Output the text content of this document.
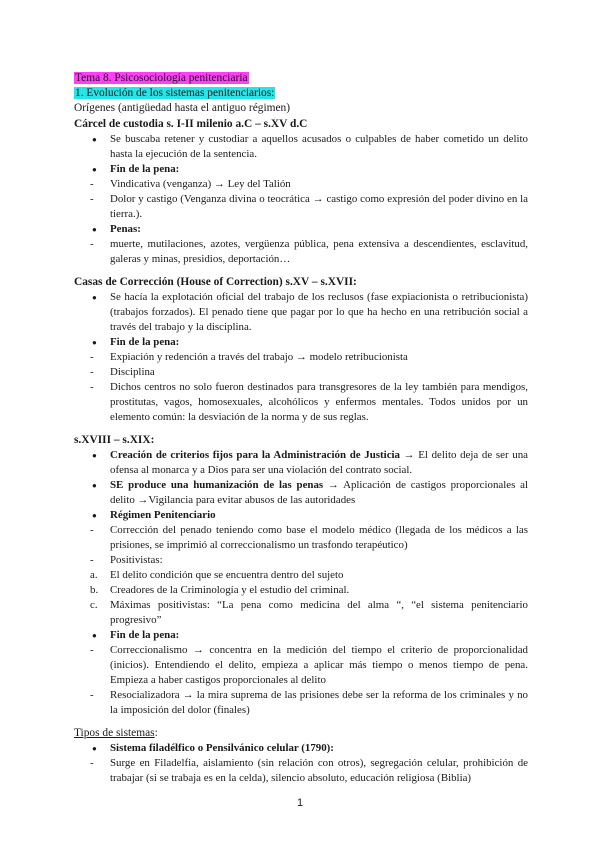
Tema 8. Psicosociología penitenciaria

1. Evolución de los sistemas penitenciarios:

Orígenes (antigüedad hasta el antiguo régimen)

Cárcel de custodia s. I-II milenio a.C – s.XV d.C

●	Se buscaba retener y custodiar a aquellos acusados o culpables de haber cometido un delito hasta la ejecución de la sentencia.
●	Fin de la pena:
-	Vindicativa (venganza) → Ley del Talión
-	Dolor y castigo (Venganza divina o teocrática → castigo como expresión del poder divino en la tierra.).
●	Penas:
-	muerte, mutilaciones, azotes, vergüenza pública, pena extensiva a descendientes, esclavitud, galeras y minas, presidios, deportación…

Casas de Corrección (House of Correction) s.XV – s.XVII:

●	Se hacía la explotación oficial del trabajo de los reclusos (fase expiacionista o retribucionista) (trabajos forzados). El penado tiene que pagar por lo que ha hecho en una retribución social a través del trabajo y la disciplina.
●	Fin de la pena:
-	Expiación y redención a través del trabajo → modelo retribucionista
-	Disciplina
-	Dichos centros no solo fueron destinados para transgresores de la ley también para mendigos, prostitutas, vagos, homosexuales, alcohólicos y enfermos mentales. Todos unidos por un elemento común: la desviación de la norma y de sus reglas.

s.XVIII – s.XIX:

●	Creación de criterios fijos para la Administración de Justicia → El delito deja de ser una ofensa al monarca y a Dios para ser una violación del contrato social.
●	SE produce una humanización de las penas → Aplicación de castigos proporcionales al delito →Vigilancia para evitar abusos de las autoridades
●	Régimen Penitenciario
-	Corrección del penado teniendo como base el modelo médico (llegada de los médicos a las prisiones, se imprimió al correccionalismo un trasfondo terapéutico)
-	Positivistas:
a.	El delito condición que se encuentra dentro del sujeto
b.	Creadores de la Criminología y el estudio del criminal.
c.	Máximas positivistas: “La pena como medicina del alma “, “el sistema penitenciario progresivo”
●	Fin de la pena:
-	Correccionalismo → concentra en la medición del tiempo el criterio de proporcionalidad (inicios). Entendiendo el delito, empieza a aplicar más tiempo o menos tiempo de pena. Empieza a haber castigos proporcionales al delito
-	Resocializadora → la mira suprema de las prisiones debe ser la reforma de los criminales y no la imposición del dolor (finales)

Tipos de sistemas:

●	Sistema filadélfico o Pensilvánico celular (1790):
-	Surge en Filadelfia, aislamiento (sin relación con otros), segregación celular, prohibición de trabajar (si se trabaja es en la celda), silencio absoluto, educación religiosa (Biblia)
1
